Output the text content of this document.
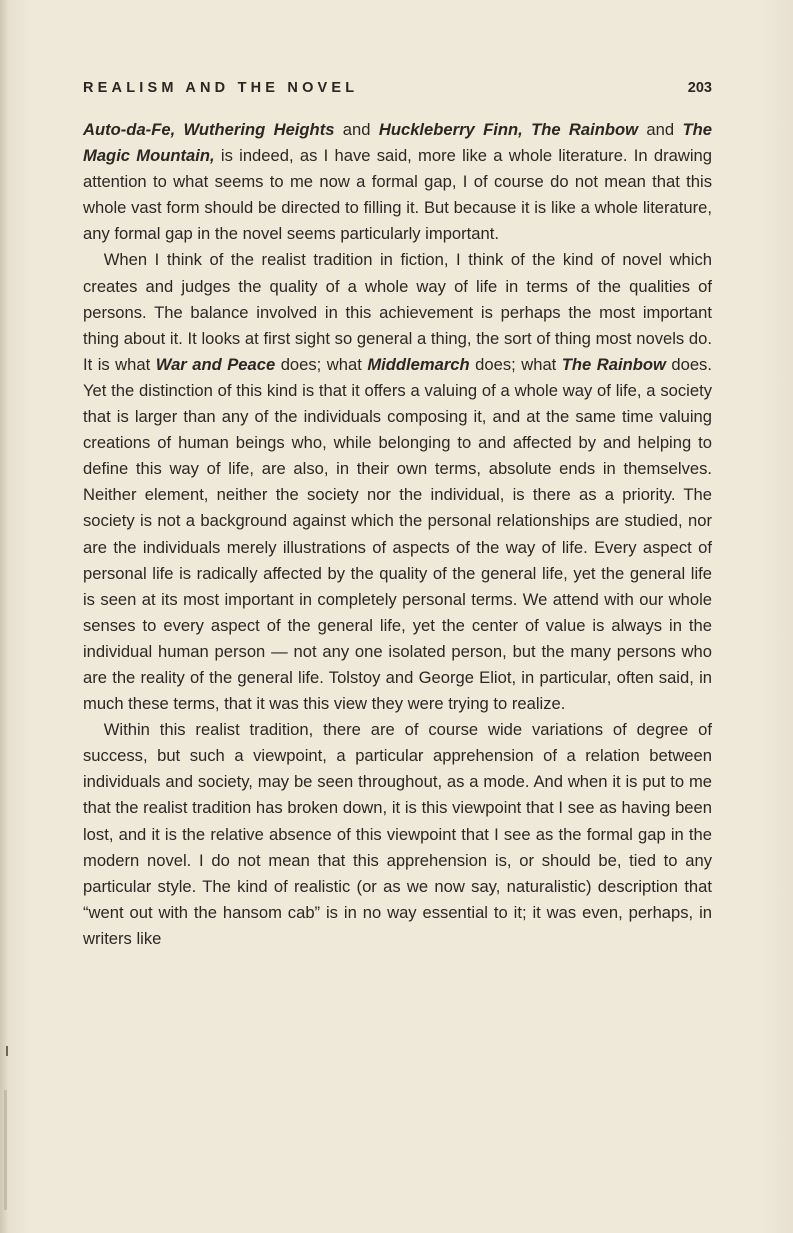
REALISM AND THE NOVEL	203

Auto-da-Fe, Wuthering Heights and Huckleberry Finn, The Rainbow and The Magic Mountain, is indeed, as I have said, more like a whole literature. In drawing attention to what seems to me now a formal gap, I of course do not mean that this whole vast form should be directed to filling it. But because it is like a whole literature, any formal gap in the novel seems particularly important.

When I think of the realist tradition in fiction, I think of the kind of novel which creates and judges the quality of a whole way of life in terms of the qualities of persons. The balance involved in this achievement is perhaps the most important thing about it. It looks at first sight so general a thing, the sort of thing most novels do. It is what War and Peace does; what Middlemarch does; what The Rainbow does. Yet the distinction of this kind is that it offers a valuing of a whole way of life, a society that is larger than any of the individuals composing it, and at the same time valuing creations of human beings who, while belonging to and affected by and helping to define this way of life, are also, in their own terms, absolute ends in themselves. Neither element, neither the society nor the individual, is there as a priority. The society is not a background against which the personal relationships are studied, nor are the individuals merely illustrations of aspects of the way of life. Every aspect of personal life is radically affected by the quality of the general life, yet the general life is seen at its most important in completely personal terms. We attend with our whole senses to every aspect of the general life, yet the center of value is always in the individual human person — not any one isolated person, but the many persons who are the reality of the general life. Tolstoy and George Eliot, in particular, often said, in much these terms, that it was this view they were trying to realize.

Within this realist tradition, there are of course wide variations of degree of success, but such a viewpoint, a particular apprehension of a relation between individuals and society, may be seen throughout, as a mode. And when it is put to me that the realist tradition has broken down, it is this viewpoint that I see as having been lost, and it is the relative absence of this viewpoint that I see as the formal gap in the modern novel. I do not mean that this apprehension is, or should be, tied to any particular style. The kind of realistic (or as we now say, naturalistic) description that “went out with the hansom cab” is in no way essential to it; it was even, perhaps, in writers like
